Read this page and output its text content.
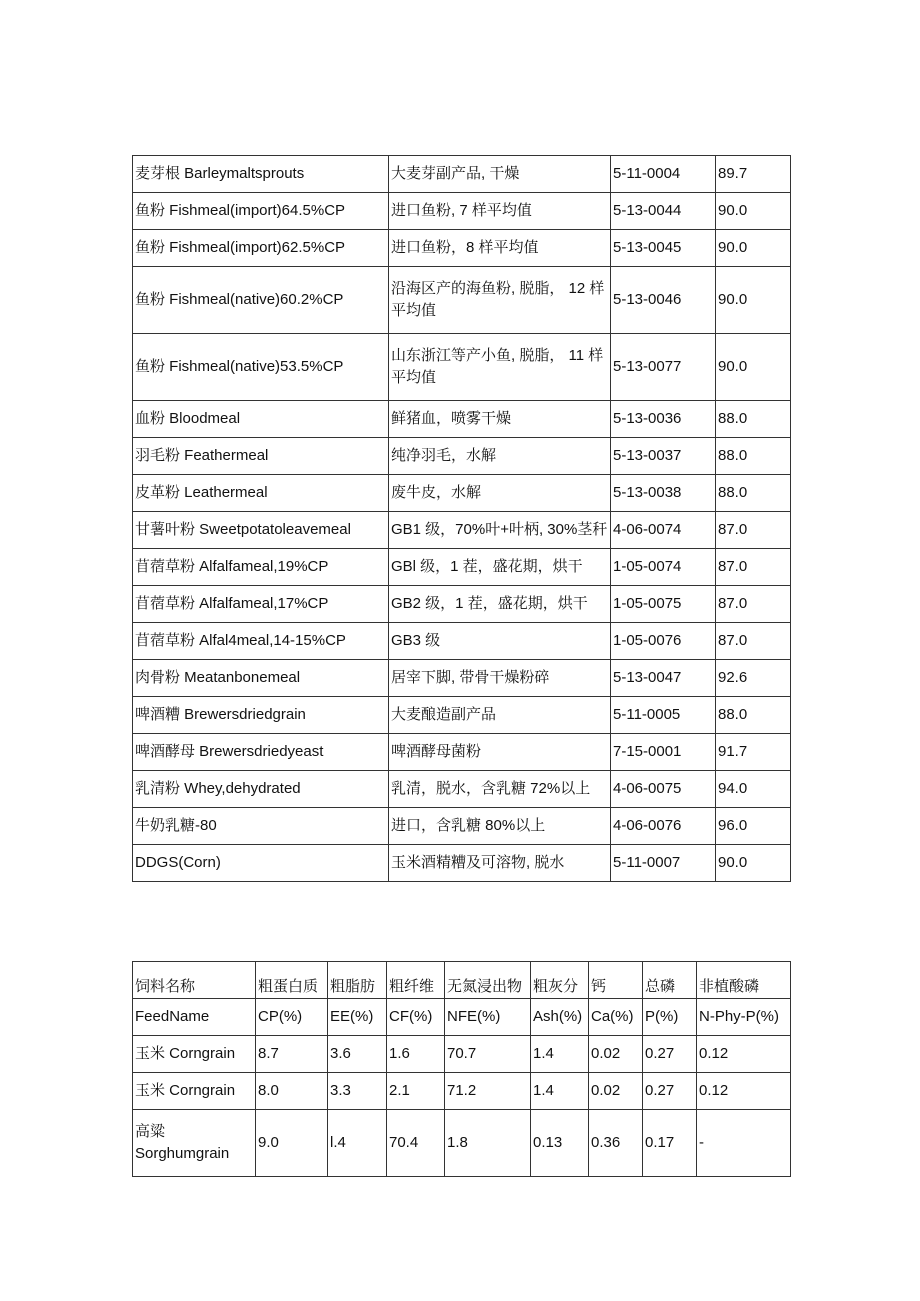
麦芽根 Barleymaltsprouts	大麦芽副产品, 干燥	5-11-0004	89.7
鱼粉 Fishmeal(import)64.5%CP	进口鱼粉, 7 样平均值	5-13-0044	90.0
鱼粉 Fishmeal(import)62.5%CP	进口鱼粉，8 样平均值	5-13-0045	90.0
鱼粉 Fishmeal(native)60.2%CP	沿海区产的海鱼粉, 脱脂， 12 样平均值	5-13-0046	90.0
鱼粉 Fishmeal(native)53.5%CP	山东浙江等产小鱼, 脱脂， 11 样平均值	5-13-0077	90.0
血粉 Bloodmeal	鲜猪血，喷雾干燥	5-13-0036	88.0
羽毛粉 Feathermeal	纯净羽毛，水解	5-13-0037	88.0
皮革粉 Leathermeal	废牛皮，水解	5-13-0038	88.0
甘薯叶粉 Sweetpotatoleavemeal	GB1 级，70%叶+叶柄, 30%茎秆	4-06-0074	87.0
苜蓿草粉 Alfalfameal,19%CP	GBl 级，1 茬，盛花期，烘干	1-05-0074	87.0
苜蓿草粉 Alfalfameal,17%CP	GB2 级，1 茬，盛花期，烘干	1-05-0075	87.0
苜蓿草粉 Alfal4meal,14-15%CP	GB3 级	1-05-0076	87.0
肉骨粉 Meatanbonemeal	居宰下脚, 带骨干燥粉碎	5-13-0047	92.6
啤酒糟 Brewersdriedgrain	大麦酿造副产品	5-11-0005	88.0
啤酒酵母 Brewersdriedyeast	啤酒酵母菌粉	7-15-0001	91.7
乳清粉 Whey,dehydrated	乳清，脱水，含乳糖 72%以上	4-06-0075	94.0
牛奶乳糖-80	进口，含乳糖 80%以上	4-06-0076	96.0
DDGS(Corn)	玉米酒精糟及可溶物, 脱水	5-11-0007	90.0
饲料名称	粗蛋白质	粗脂肪	粗纤维	无氮浸出物	粗灰分	钙	总磷	非植酸磷
FeedName	CP(%)	EE(%)	CF(%)	NFE(%)	Ash(%)	Ca(%)	P(%)	N-Phy-P(%)
玉米 Corngrain	8.7	3.6	1.6	70.7	1.4	0.02	0.27	0.12
玉米 Corngrain	8.0	3.3	2.1	71.2	1.4	0.02	0.27	0.12
高粱 Sorghumgrain	9.0	l.4	70.4	1.8	0.13	0.36	0.17	-
